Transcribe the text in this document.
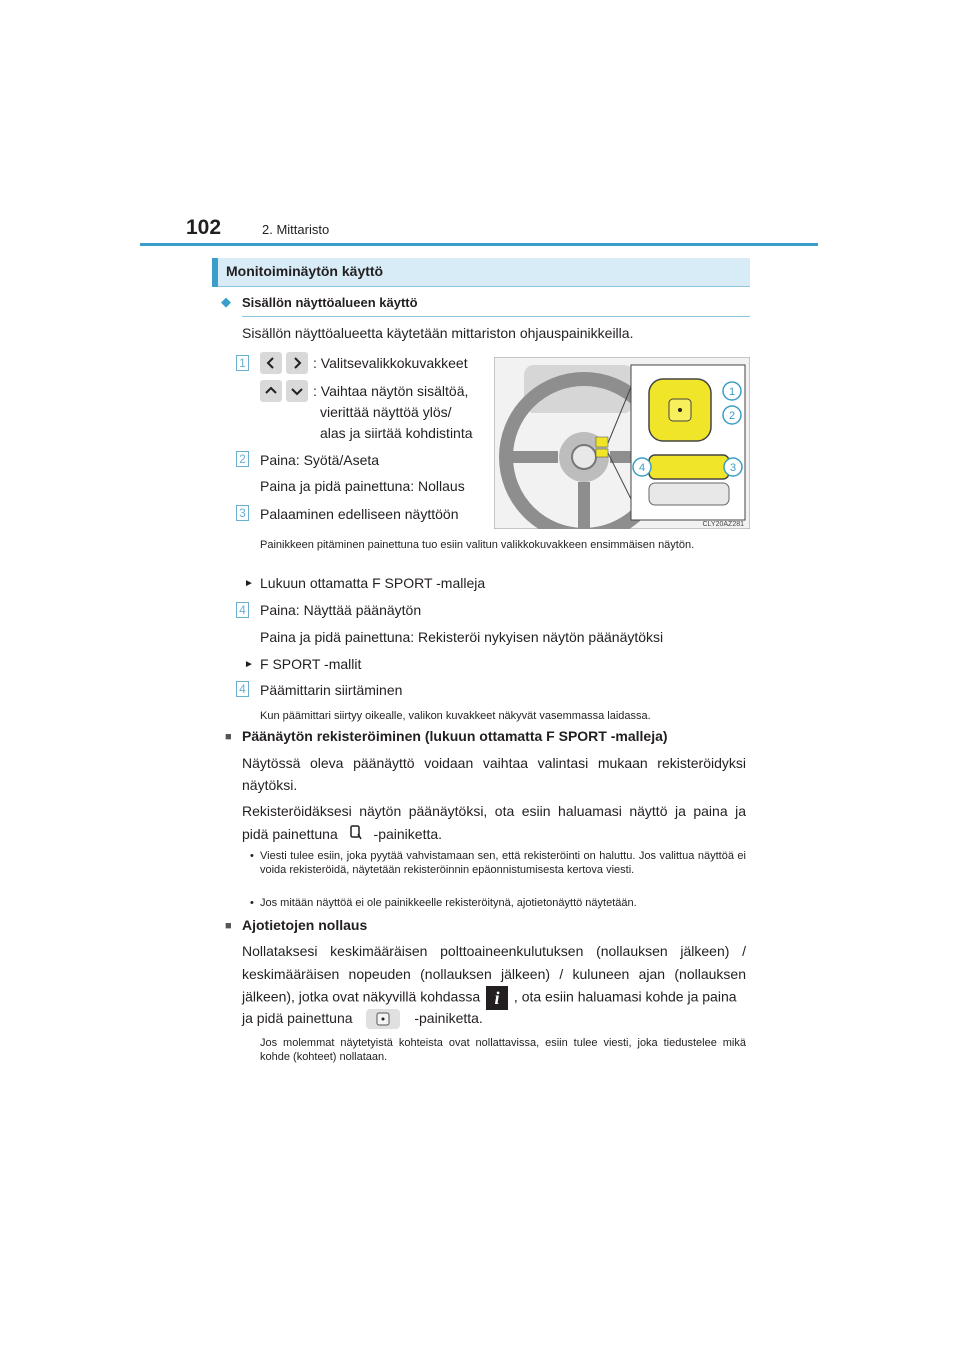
102	2. Mittaristo
Monitoiminäytön käyttö
◆ Sisällön näyttöalueen käyttö
Sisällön näyttöalueetta käytetään mittariston ohjauspainikkeilla.
1	: Valitsevalikkokuvakkeet
: Vaihtaa näytön sisältöä,
vierittää näyttöä ylös/
alas ja siirtää kohdistinta
2 Paina: Syötä/Aseta
Paina ja pidä painettuna: Nollaus
3 Palaaminen edelliseen näyttöön
1
2
3
4
CLY20AZ281
Painikkeen pitäminen painettuna tuo esiin valitun valikkokuvakkeen ensimmäisen näytön.
► Lukuun ottamatta F SPORT -malleja
4 Paina: Näyttää päänäytön
Paina ja pidä painettuna: Rekisteröi nykyisen näytön päänäytöksi
► F SPORT -mallit
4 Päämittarin siirtäminen
Kun päämittari siirtyy oikealle, valikon kuvakkeet näkyvät vasemmassa laidassa.
■ Päänäytön rekisteröiminen (lukuun ottamatta F SPORT -malleja)
Näytössä oleva päänäyttö voidaan vaihtaa valintasi mukaan rekisteröidyksi näytöksi.
Rekisteröidäksesi näytön päänäytöksi, ota esiin haluamasi näyttö ja paina ja
pidä painettuna	-painiketta.
• Viesti tulee esiin, joka pyytää vahvistamaan sen, että rekisteröinti on haluttu. Jos valittua näyttöä ei voida rekisteröidä, näytetään rekisteröinnin epäonnistumisesta kertova viesti.
• Jos mitään näyttöä ei ole painikkeelle rekisteröitynä, ajotietonäyttö näytetään.
■ Ajotietojen nollaus
Nollataksesi keskimääräisen polttoaineenkulutuksen (nollauksen jälkeen) /
keskimääräisen nopeuden (nollauksen jälkeen) / kuluneen ajan (nollauksen
jälkeen), jotka ovat näkyvillä kohdassa i , ota esiin haluamasi kohde ja paina
ja pidä painettuna	-painiketta.
Jos molemmat näytetyistä kohteista ovat nollattavissa, esiin tulee viesti, joka tiedustelee mikä kohde (kohteet) nollataan.
